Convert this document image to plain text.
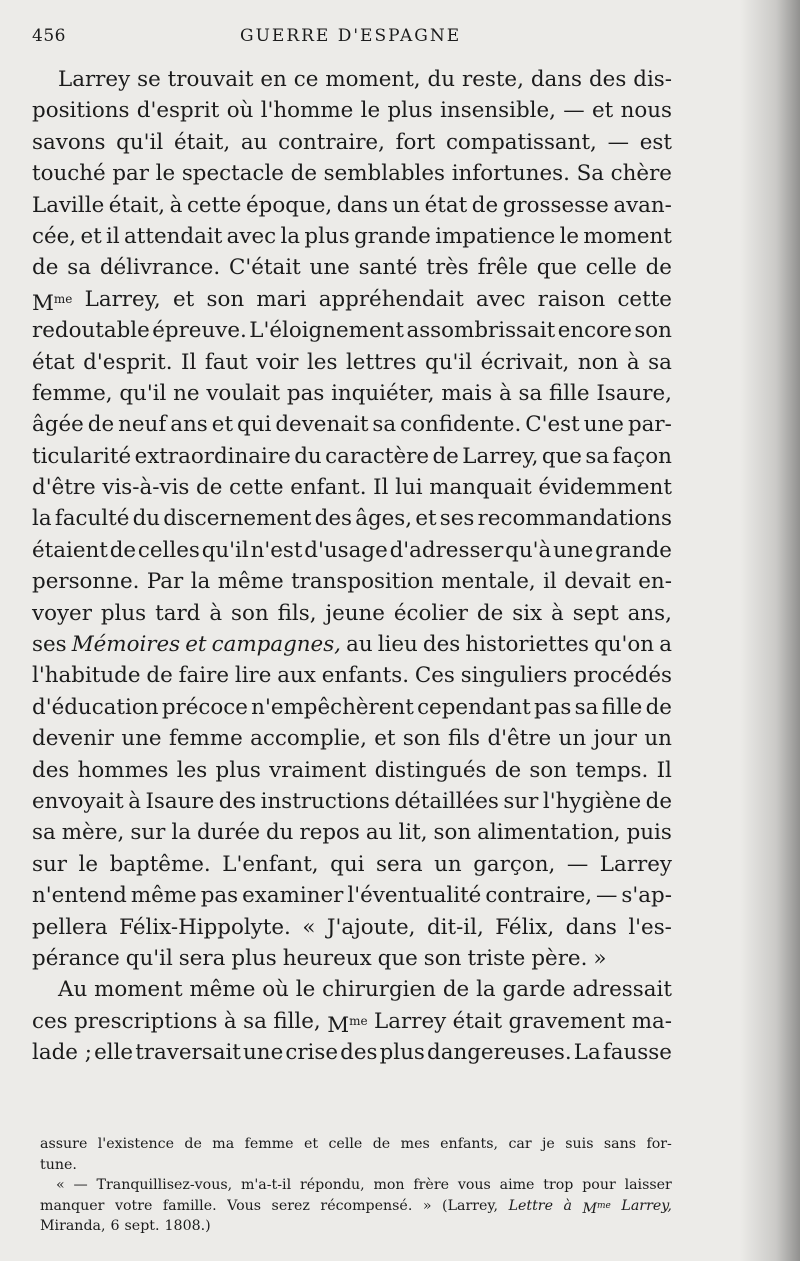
456	GUERRE D'ESPAGNE
Larrey se trouvait en ce moment, du reste, dans des dis-
positions d'esprit où l'homme le plus insensible, — et nous
savons qu'il était, au contraire, fort compatissant, — est
touché par le spectacle de semblables infortunes. Sa chère
Laville était, à cette époque, dans un état de grossesse avan-
cée, et il attendait avec la plus grande impatience le moment
de sa délivrance. C'était une santé très frêle que celle de
Mme Larrey, et son mari appréhendait avec raison cette
redoutable épreuve. L'éloignement assombrissait encore son
état d'esprit. Il faut voir les lettres qu'il écrivait, non à sa
femme, qu'il ne voulait pas inquiéter, mais à sa fille Isaure,
âgée de neuf ans et qui devenait sa confidente. C'est une par-
ticularité extraordinaire du caractère de Larrey, que sa façon
d'être vis-à-vis de cette enfant. Il lui manquait évidemment
la faculté du discernement des âges, et ses recommandations
étaient de celles qu'il n'est d'usage d'adresser qu'à une grande
personne. Par la même transposition mentale, il devait en-
voyer plus tard à son fils, jeune écolier de six à sept ans,
ses Mémoires et campagnes, au lieu des historiettes qu'on a
l'habitude de faire lire aux enfants. Ces singuliers procédés
d'éducation précoce n'empêchèrent cependant pas sa fille de
devenir une femme accomplie, et son fils d'être un jour un
des hommes les plus vraiment distingués de son temps. Il
envoyait à Isaure des instructions détaillées sur l'hygiène de
sa mère, sur la durée du repos au lit, son alimentation, puis
sur le baptême. L'enfant, qui sera un garçon, — Larrey
n'entend même pas examiner l'éventualité contraire, — s'ap-
pellera Félix-Hippolyte. « J'ajoute, dit-il, Félix, dans l'es-
pérance qu'il sera plus heureux que son triste père. »
Au moment même où le chirurgien de la garde adressait
ces prescriptions à sa fille, Mme Larrey était gravement ma-
lade ; elle traversait une crise des plus dangereuses. La fausse
assure l'existence de ma femme et celle de mes enfants, car je suis sans for-
tune.
« — Tranquillisez-vous, m'a-t-il répondu, mon frère vous aime trop pour laisser
manquer votre famille. Vous serez récompensé. » (Larrey, Lettre à M$^{me}$ Larrey,
Miranda, 6 sept. 1808.)
